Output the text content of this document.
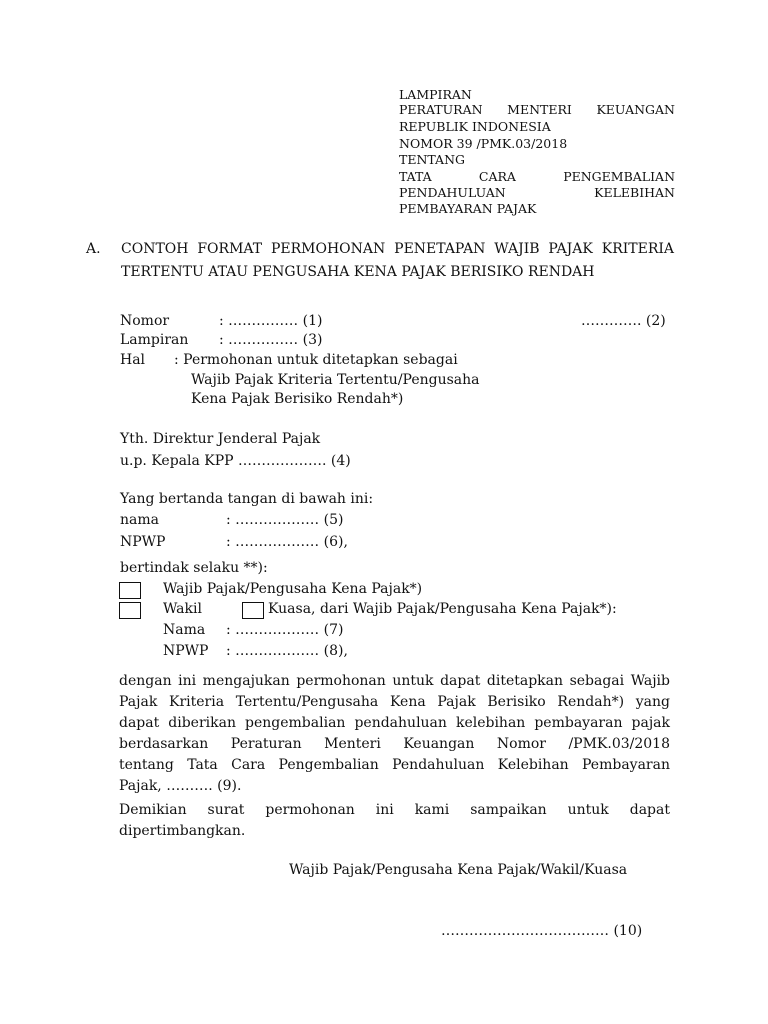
LAMPIRAN
PERATURAN MENTERI KEUANGAN
REPUBLIK INDONESIA
NOMOR 39 /PMK.03/2018
TENTANG
TATA CARA PENGEMBALIAN
PENDAHULUAN KELEBIHAN
PEMBAYARAN PAJAK
A. CONTOH FORMAT PERMOHONAN PENETAPAN WAJIB PAJAK KRITERIA
TERTENTU ATAU PENGUSAHA KENA PAJAK BERISIKO RENDAH
Nomor	: …………… (1)	…………. (2)
Lampiran : …………… (3)
Hal : Permohonan untuk ditetapkan sebagai
Wajib Pajak Kriteria Tertentu/Pengusaha
Kena Pajak Berisiko Rendah*)
Yth. Direktur Jenderal Pajak
u.p. Kepala KPP ………………. (4)
Yang bertanda tangan di bawah ini:
nama	: ……………… (5)
NPWP	: ……………… (6),
bertindak selaku **):
Wajib Pajak/Pengusaha Kena Pajak*)
Wakil	Kuasa, dari Wajib Pajak/Pengusaha Kena Pajak*):
Nama : ……………… (7)
NPWP : ……………… (8),
dengan ini mengajukan permohonan untuk dapat ditetapkan sebagai Wajib
Pajak Kriteria Tertentu/Pengusaha Kena Pajak Berisiko Rendah*) yang
dapat diberikan pengembalian pendahuluan kelebihan pembayaran pajak
berdasarkan Peraturan Menteri Keuangan Nomor /PMK.03/2018
tentang Tata Cara Pengembalian Pendahuluan Kelebihan Pembayaran
Pajak, ………. (9).
Demikian surat permohonan ini kami sampaikan untuk dapat
dipertimbangkan.
Wajib Pajak/Pengusaha Kena Pajak/Wakil/Kuasa
……………………………… (10)
